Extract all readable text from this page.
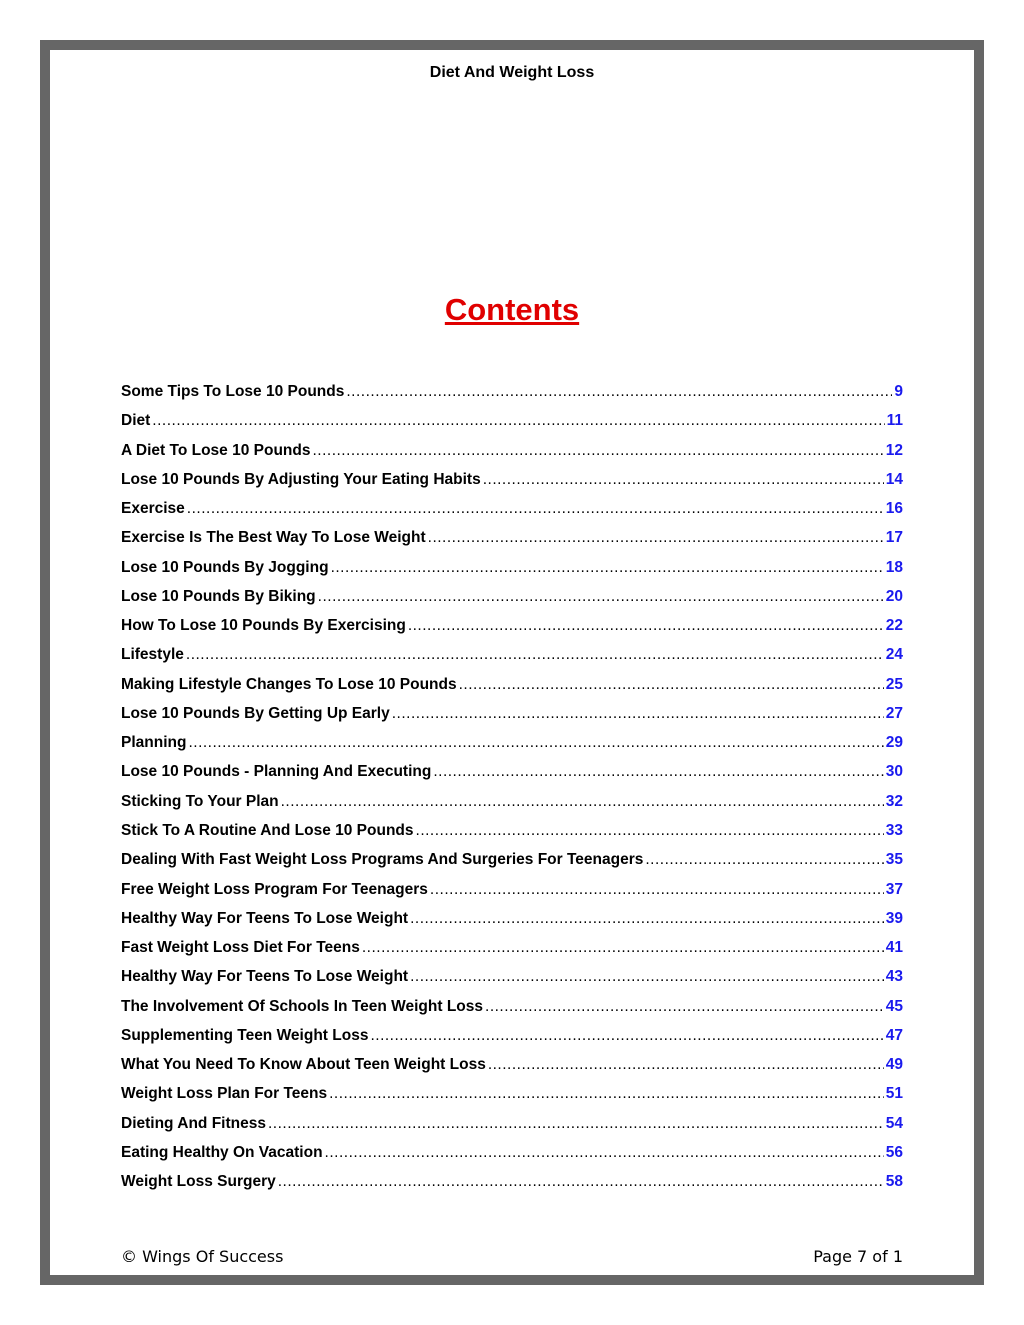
Diet And Weight Loss
Contents
Some Tips To Lose 10 Pounds .....	9
Diet .....	11
A Diet To Lose 10 Pounds .....	12
Lose 10 Pounds By Adjusting Your Eating Habits .....	14
Exercise .....	16
Exercise Is The Best Way To Lose Weight .....	17
Lose 10 Pounds By Jogging .....	18
Lose 10 Pounds By Biking .....	20
How To Lose 10 Pounds By Exercising .....	22
Lifestyle .....	24
Making Lifestyle Changes To Lose 10 Pounds .....	25
Lose 10 Pounds By Getting Up Early .....	27
Planning .....	29
Lose 10 Pounds - Planning And Executing .....	30
Sticking To Your Plan .....	32
Stick To A Routine And Lose 10 Pounds .....	33
Dealing With Fast Weight Loss Programs And Surgeries For Teenagers .....	35
Free Weight Loss Program For Teenagers .....	37
Healthy Way For Teens To Lose Weight .....	39
Fast Weight Loss Diet For Teens .....	41
Healthy Way For Teens To Lose Weight .....	43
The Involvement Of Schools In Teen Weight Loss .....	45
Supplementing Teen Weight Loss .....	47
What You Need To Know About Teen Weight Loss .....	49
Weight Loss Plan For Teens .....	51
Dieting And Fitness .....	54
Eating Healthy On Vacation .....	56
Weight Loss Surgery .....	58
© Wings Of Success	Page 7 of 1
